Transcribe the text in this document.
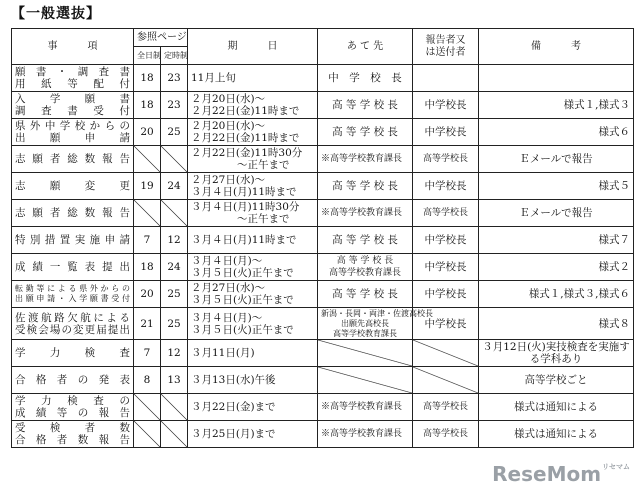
【一般選抜】
事　　　項	参照ページ		期　　　日	あ て 先	報告者又
は送付者	備　　　考
	全日制	定時制				

願書・調査書
用紙等配付	18	23	11月上旬	中　学　校　長		

入学願書
調査書受付	18	23	２月20日(水)～
２月22日(金)11時まで	高 等 学 校 長	中学校長	様式１,様式３

県外中学校からの
出願申請	20	25	２月20日(水)～
２月22日(金)11時まで	高 等 学 校 長	中学校長	様式６

志願者総数報告			２月22日(金)11時30分
～正午まで	※高等学校教育課長	高等学校長	Ｅメールで報告

志　願　変　更	19	24	２月27日(水)～
３月４日(月)11時まで	高 等 学 校 長	中学校長	様式５

志願者総数報告			３月４日(月)11時30分
～正午まで	※高等学校教育課長	高等学校長	Ｅメールで報告

特別措置実施申請	7	12	３月４日(月)11時まで	高 等 学 校 長	中学校長	様式７

成績一覧表提出	18	24	３月４日(月)～
３月５日(火)正午まで	高 等 学 校 長
高等学校教育課長	中学校長	様式２

転勤等による県外からの
出願申請・入学願書受付	20	25	２月27日(水)～
３月５日(火)正午まで	高 等 学 校 長	中学校長	様式１,様式３,様式６

佐渡航路欠航による
受検会場の変更届提出	21	25	３月４日(月)～
３月５日(火)正午まで	新潟・長岡・両津・佐渡高校長
出願先高校長
高等学校教育課長	中学校長	様式８

学　力　検　査	7	12	３月11日(月)			３月12日(火)実技検査を実施する学科あり

合格者の発表	8	13	３月13日(水)午後			高等学校ごと

学力検査の
成績等の報告			３月22日(金)まで	※高等学校教育課長	高等学校長	様式は通知による

受　検　者　数
合格者数報告			３月25日(月)まで	※高等学校教育課長	高等学校長	様式は通知による
ReseMom$^{リセマム}$
